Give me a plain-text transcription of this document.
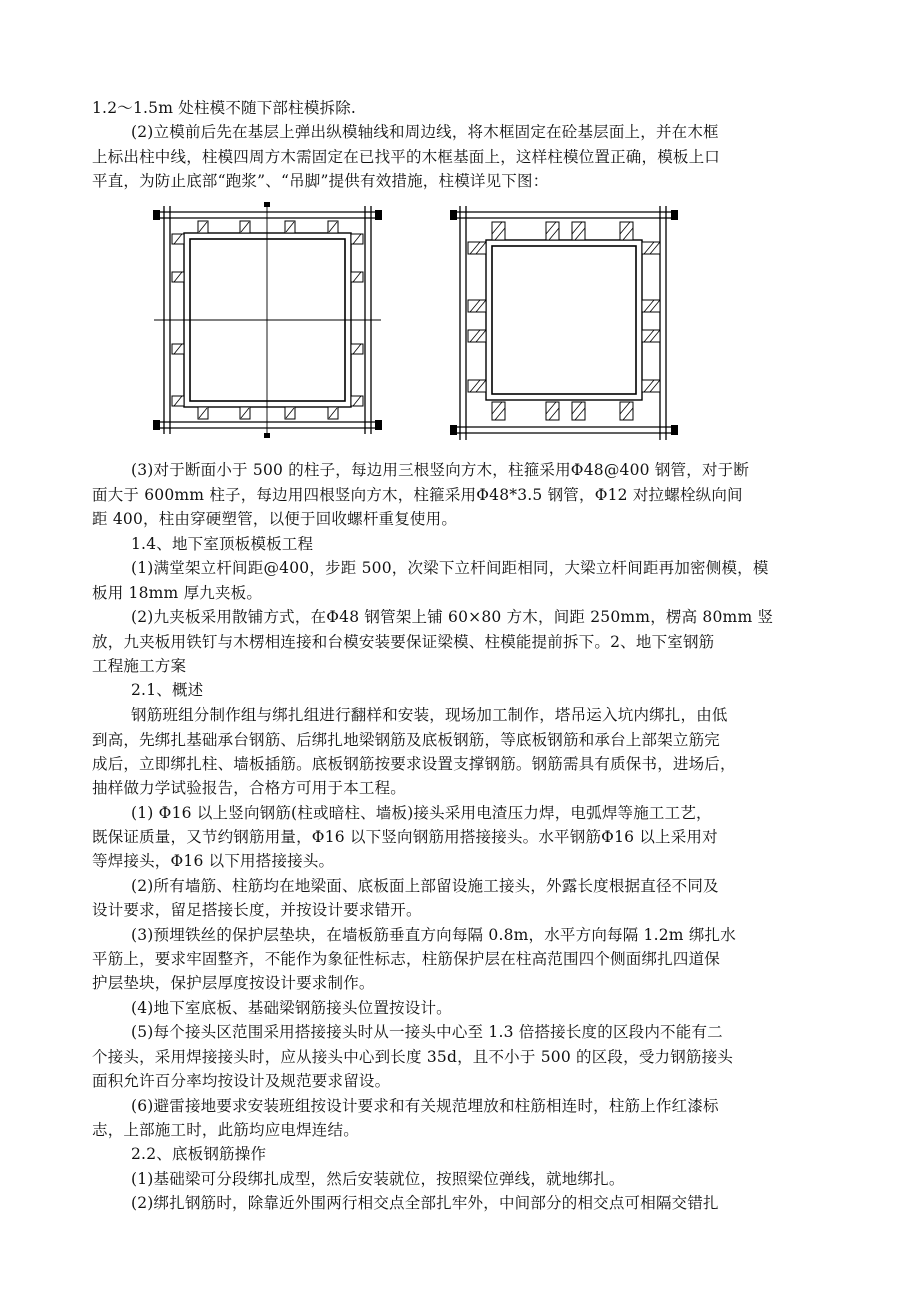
1.2～1.5m 处柱模不随下部柱模拆除.
(2)立模前后先在基层上弹出纵模轴线和周边线，将木框固定在砼基层面上，并在木框
上标出柱中线，柱模四周方木需固定在已找平的木框基面上，这样柱模位置正确，模板上口
平直，为防止底部“跑浆”、“吊脚”提供有效措施，柱模详见下图：
(3)对于断面小于 500 的柱子，每边用三根竖向方木，柱箍采用Φ48@400 钢管，对于断
面大于 600mm 柱子，每边用四根竖向方木，柱箍采用Φ48*3.5 钢管，Φ12 对拉螺栓纵向间
距 400，柱由穿硬塑管，以便于回收螺杆重复使用。
1.4、地下室顶板模板工程
(1)满堂架立杆间距@400，步距 500，次梁下立杆间距相同，大梁立杆间距再加密侧模，模
板用 18mm 厚九夹板。
(2)九夹板采用散铺方式，在Φ48 钢管架上铺 60×80 方木，间距 250mm，楞高 80mm 竖
放，九夹板用铁钉与木楞相连接和台模安装要保证梁模、柱模能提前拆下。2、地下室钢筋
工程施工方案
2.1、概述
钢筋班组分制作组与绑扎组进行翻样和安装，现场加工制作，塔吊运入坑内绑扎，由低
到高，先绑扎基础承台钢筋、后绑扎地梁钢筋及底板钢筋，等底板钢筋和承台上部架立筋完
成后，立即绑扎柱、墙板插筋。底板钢筋按要求设置支撑钢筋。钢筋需具有质保书，进场后，
抽样做力学试验报告，合格方可用于本工程。
(1) Φ16 以上竖向钢筋(柱或暗柱、墙板)接头采用电渣压力焊，电弧焊等施工工艺，
既保证质量，又节约钢筋用量，Φ16 以下竖向钢筋用搭接接头。水平钢筋Φ16 以上采用对
等焊接头，Φ16 以下用搭接接头。
(2)所有墙筋、柱筋均在地梁面、底板面上部留设施工接头，外露长度根据直径不同及
设计要求，留足搭接长度，并按设计要求错开。
(3)预埋铁丝的保护层垫块，在墙板筋垂直方向每隔 0.8m，水平方向每隔 1.2m 绑扎水
平筋上，要求牢固整齐，不能作为象征性标志，柱筋保护层在柱高范围四个侧面绑扎四道保
护层垫块，保护层厚度按设计要求制作。
(4)地下室底板、基础梁钢筋接头位置按设计。
(5)每个接头区范围采用搭接接头时从一接头中心至 1.3 倍搭接长度的区段内不能有二
个接头，采用焊接接头时，应从接头中心到长度 35d，且不小于 500 的区段，受力钢筋接头
面积允许百分率均按设计及规范要求留设。
(6)避雷接地要求安装班组按设计要求和有关规范埋放和柱筋相连时，柱筋上作红漆标
志，上部施工时，此筋均应电焊连结。
2.2、底板钢筋操作
(1)基础梁可分段绑扎成型，然后安装就位，按照梁位弹线，就地绑扎。
(2)绑扎钢筋时，除靠近外围两行相交点全部扎牢外，中间部分的相交点可相隔交错扎
